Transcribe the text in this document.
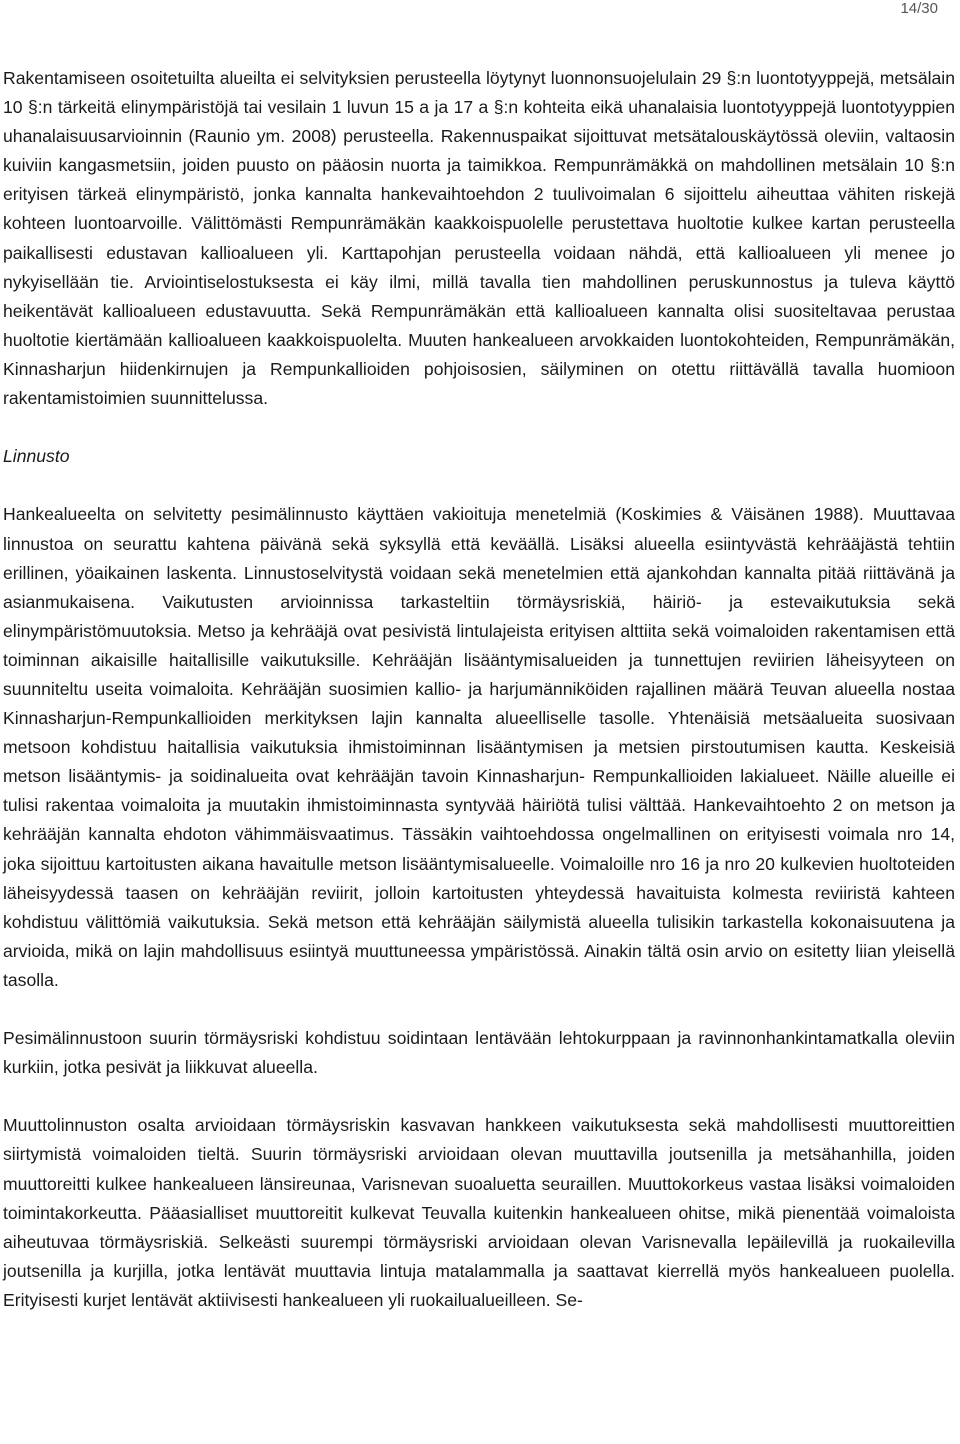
14/30

Rakentamiseen osoitetuilta alueilta ei selvityksien perusteella löytynyt luonnonsuojelulain 29 §:n luontotyyppejä, metsälain 10 §:n tärkeitä elinympäristöjä tai vesilain 1 luvun 15 a ja 17 a §:n kohteita eikä uhanalaisia luontotyyppejä luontotyyppien uhanalaisuusarvioinnin (Raunio ym. 2008) perusteella. Rakennuspaikat sijoittuvat metsätalouskäytössä oleviin, valtaosin kuiviin kangasmetsiin, joiden puusto on pääosin nuorta ja taimikkoa. Rempunrämäkkä on mahdollinen metsälain 10 §:n erityisen tärkeä elinympäristö, jonka kannalta hankevaihtoehdon 2 tuulivoimalan 6 sijoittelu aiheuttaa vähiten riskejä kohteen luontoarvoille. Välittömästi Rempunrämäkän kaakkoispuolelle perustettava huoltotie kulkee kartan perusteella paikallisesti edustavan kallioalueen yli. Karttapohjan perusteella voidaan nähdä, että kallioalueen yli menee jo nykyisellään tie. Arviointiselostuksesta ei käy ilmi, millä tavalla tien mahdollinen peruskunnostus ja tuleva käyttö heikentävät kallioalueen edustavuutta. Sekä Rempunrämäkän että kallioalueen kannalta olisi suositeltavaa perustaa huoltotie kiertämään kallioalueen kaakkoispuolelta. Muuten hankealueen arvokkaiden luontokohteiden, Rempunrämäkän, Kinnasharjun hiidenkirnujen ja Rempunkallioiden pohjoisosien, säilyminen on otettu riittävällä tavalla huomioon rakentamistoimien suunnittelussa.

Linnusto

Hankealueelta on selvitetty pesimälinnusto käyttäen vakioituja menetelmiä (Koskimies & Väisänen 1988). Muuttavaa linnustoa on seurattu kahtena päivänä sekä syksyllä että keväällä. Lisäksi alueella esiintyvästä kehrääjästä tehtiin erillinen, yöaikainen laskenta. Linnustoselvitystä voidaan sekä menetelmien että ajankohdan kannalta pitää riittävänä ja asianmukaisena. Vaikutusten arvioinnissa tarkasteltiin törmäysriskiä, häiriö- ja estevaikutuksia sekä elinympäristömuutoksia. Metso ja kehrääjä ovat pesivistä lintulajeista erityisen alttiita sekä voimaloiden rakentamisen että toiminnan aikaisille haitallisille vaikutuksille. Kehrääjän lisääntymisalueiden ja tunnettujen reviirien läheisyyteen on suunniteltu useita voimaloita. Kehrääjän suosimien kallio- ja harjumänniköiden rajallinen määrä Teuvan alueella nostaa Kinnasharjun-Rempunkallioiden merkityksen lajin kannalta alueelliselle tasolle. Yhtenäisiä metsäalueita suosivaan metsoon kohdistuu haitallisia vaikutuksia ihmistoiminnan lisääntymisen ja metsien pirstoutumisen kautta. Keskeisiä metson lisääntymis- ja soidinalueita ovat kehrääjän tavoin Kinnasharjun- Rempunkallioiden lakialueet. Näille alueille ei tulisi rakentaa voimaloita ja muutakin ihmistoiminnasta syntyvää häiriötä tulisi välttää. Hankevaihtoehto 2 on metson ja kehrääjän kannalta ehdoton vähimmäisvaatimus. Tässäkin vaihtoehdossa ongelmallinen on erityisesti voimala nro 14, joka sijoittuu kartoitusten aikana havaitulle metson lisääntymisalueelle. Voimaloille nro 16 ja nro 20 kulkevien huoltoteiden läheisyydessä taasen on kehrääjän reviirit, jolloin kartoitusten yhteydessä havaituista kolmesta reviiristä kahteen kohdistuu välittömiä vaikutuksia. Sekä metson että kehrääjän säilymistä alueella tulisikin tarkastella kokonaisuutena ja arvioida, mikä on lajin mahdollisuus esiintyä muuttuneessa ympäristössä. Ainakin tältä osin arvio on esitetty liian yleisellä tasolla.

Pesimälinnustoon suurin törmäysriski kohdistuu soidintaan lentävään lehtokurppaan ja ravinnonhankintamatkalla oleviin kurkiin, jotka pesivät ja liikkuvat alueella.

Muuttolinnuston osalta arvioidaan törmäysriskin kasvavan hankkeen vaikutuksesta sekä mahdollisesti muuttoreittien siirtymistä voimaloiden tieltä. Suurin törmäysriski arvioidaan olevan muuttavilla joutsenilla ja metsähanhilla, joiden muuttoreitti kulkee hankealueen länsireunaa, Varisnevan suoaluetta seuraillen. Muuttokorkeus vastaa lisäksi voimaloiden toimintakorkeutta. Pääasialliset muuttoreitit kulkevat Teuvalla kuitenkin hankealueen ohitse, mikä pienentää voimaloista aiheutuvaa törmäysriskiä. Selkeästi suurempi törmäysriski arvioidaan olevan Varisnevalla lepäilevillä ja ruokailevilla joutsenilla ja kurjilla, jotka lentävät muuttavia lintuja matalammalla ja saattavat kierrellä myös hankealueen puolella. Erityisesti kurjet lentävät aktiivisesti hankealueen yli ruokailualueilleen. Se-
